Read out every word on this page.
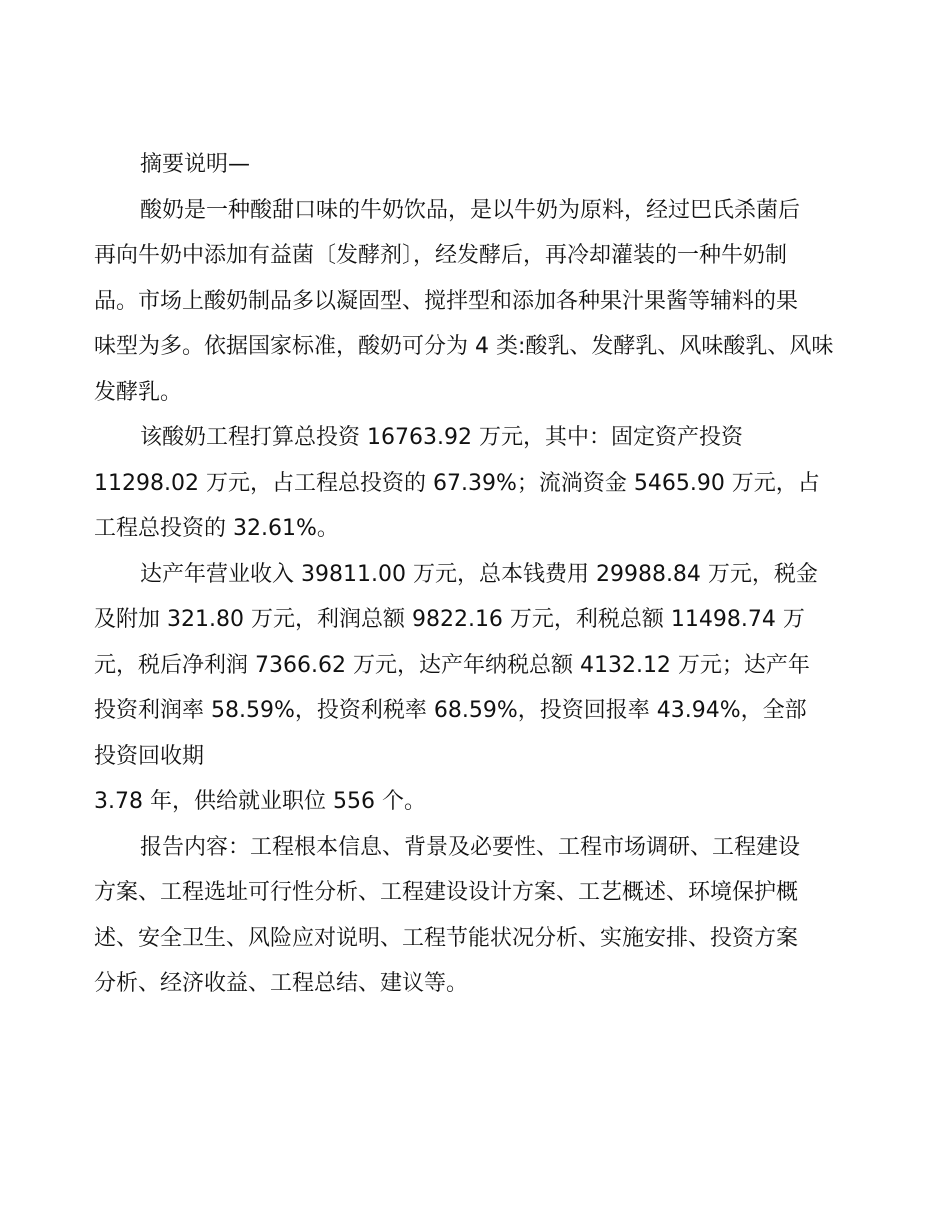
摘要说明—

酸奶是一种酸甜口味的牛奶饮品，是以牛奶为原料，经过巴氏杀菌后

再向牛奶中添加有益菌〔发酵剂〕，经发酵后，再冷却灌装的一种牛奶制

品。市场上酸奶制品多以凝固型、搅拌型和添加各种果汁果酱等辅料的果

味型为多。依据国家标准，酸奶可分为 4 类:酸乳、发酵乳、风味酸乳、风味

发酵乳。

该酸奶工程打算总投资 16763.92 万元，其中：固定资产投资

11298.02 万元，占工程总投资的 67.39%；流淌资金 5465.90 万元，占

工程总投资的 32.61%。

达产年营业收入 39811.00 万元，总本钱费用 29988.84 万元，税金

及附加 321.80 万元，利润总额 9822.16 万元，利税总额 11498.74 万

元，税后净利润 7366.62 万元，达产年纳税总额 4132.12 万元；达产年

投资利润率 58.59%，投资利税率 68.59%，投资回报率 43.94%，全部

投资回收期

3.78 年，供给就业职位 556 个。

报告内容：工程根本信息、背景及必要性、工程市场调研、工程建设

方案、工程选址可行性分析、工程建设设计方案、工艺概述、环境保护概

述、安全卫生、风险应对说明、工程节能状况分析、实施安排、投资方案

分析、经济收益、工程总结、建议等。
